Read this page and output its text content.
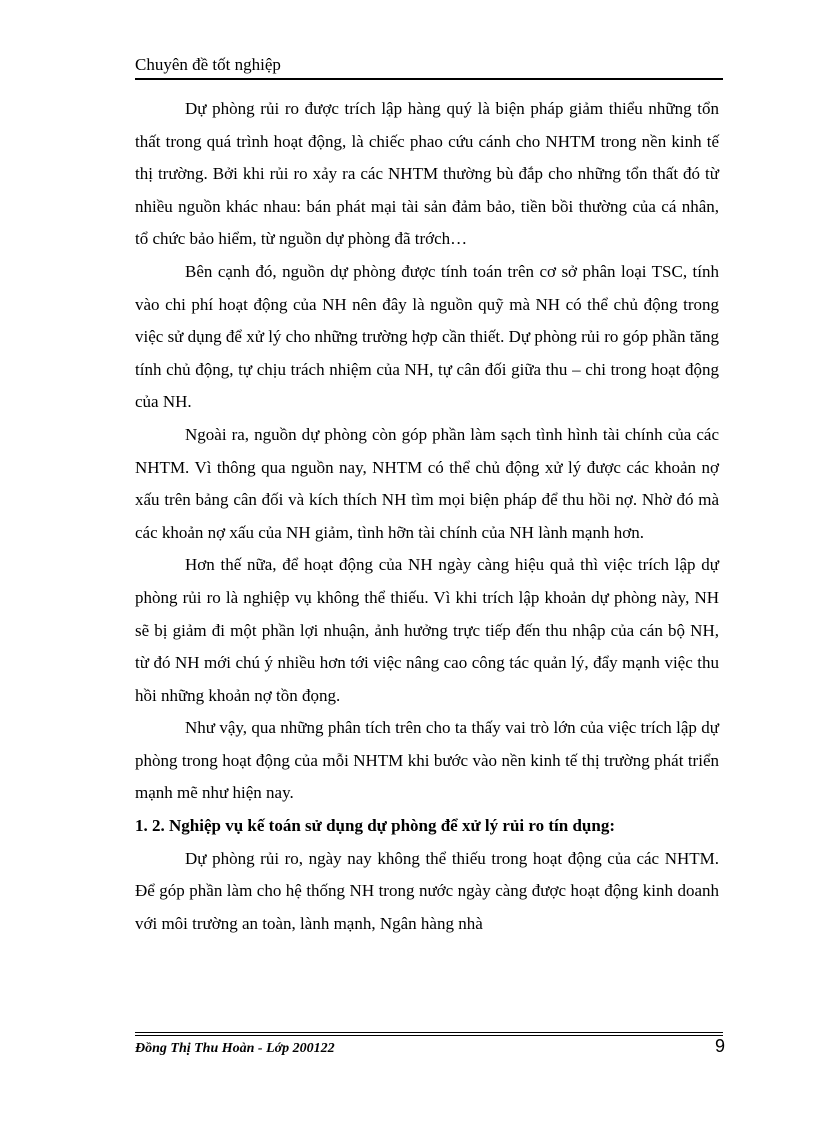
Chuyên đề tốt nghiệp

Dự phòng rủi ro được trích lập hàng quý là biện pháp giảm thiểu những tổn thất trong quá trình hoạt động, là chiếc phao cứu cánh cho NHTM trong nền kinh tế thị trường. Bởi khi rủi ro xảy ra các NHTM thường bù đắp cho những tổn thất đó từ nhiều nguồn khác nhau: bán phát mại tài sản đảm bảo, tiền bồi thường của cá nhân, tổ chức bảo hiểm, từ nguồn dự phòng đã trớch…

Bên cạnh đó, nguồn dự phòng được tính toán trên cơ sở phân loại TSC, tính vào chi phí hoạt động của NH nên đây là nguồn quỹ mà NH có thể chủ động trong việc sử dụng để xử lý cho những trường hợp cần thiết. Dự phòng rủi ro góp phần tăng tính chủ động, tự chịu trách nhiệm của NH, tự cân đối giữa thu – chi trong hoạt động của NH.

Ngoài ra, nguồn dự phòng còn góp phần làm sạch tình hình tài chính của các NHTM. Vì thông qua nguồn nay, NHTM có thể chủ động xử lý được các khoản nợ xấu trên bảng cân đối và kích thích NH tìm mọi biện pháp để thu hồi nợ. Nhờ đó mà các khoản nợ xấu của NH giảm, tình hỡn tài chính của NH lành mạnh hơn.

Hơn thế nữa, để hoạt động của NH ngày càng hiệu quả thì việc trích lập dự phòng rủi ro là nghiệp vụ không thể thiếu. Vì khi trích lập khoản dự phòng này, NH sẽ bị giảm đi một phần lợi nhuận, ảnh hưởng trực tiếp đến thu nhập của cán bộ NH, từ đó NH mới chú ý nhiều hơn tới việc nâng cao công tác quản lý, đẩy mạnh việc thu hồi những khoản nợ tồn đọng.

Như vậy, qua những phân tích trên cho ta thấy vai trò lớn của việc trích lập dự phòng trong hoạt động của mỗi NHTM khi bước vào nền kinh tế thị trường phát triển mạnh mẽ như hiện nay.

1. 2. Nghiệp vụ kế toán sử dụng dự phòng để xử lý rủi ro tín dụng:

Dự phòng rủi ro, ngày nay không thể thiếu trong hoạt động của các NHTM. Để góp phần làm cho hệ thống NH trong nước ngày càng được hoạt động kinh doanh với môi trường an toàn, lành mạnh, Ngân hàng nhà

Đồng Thị Thu Hoàn - Lớp 200122	9
